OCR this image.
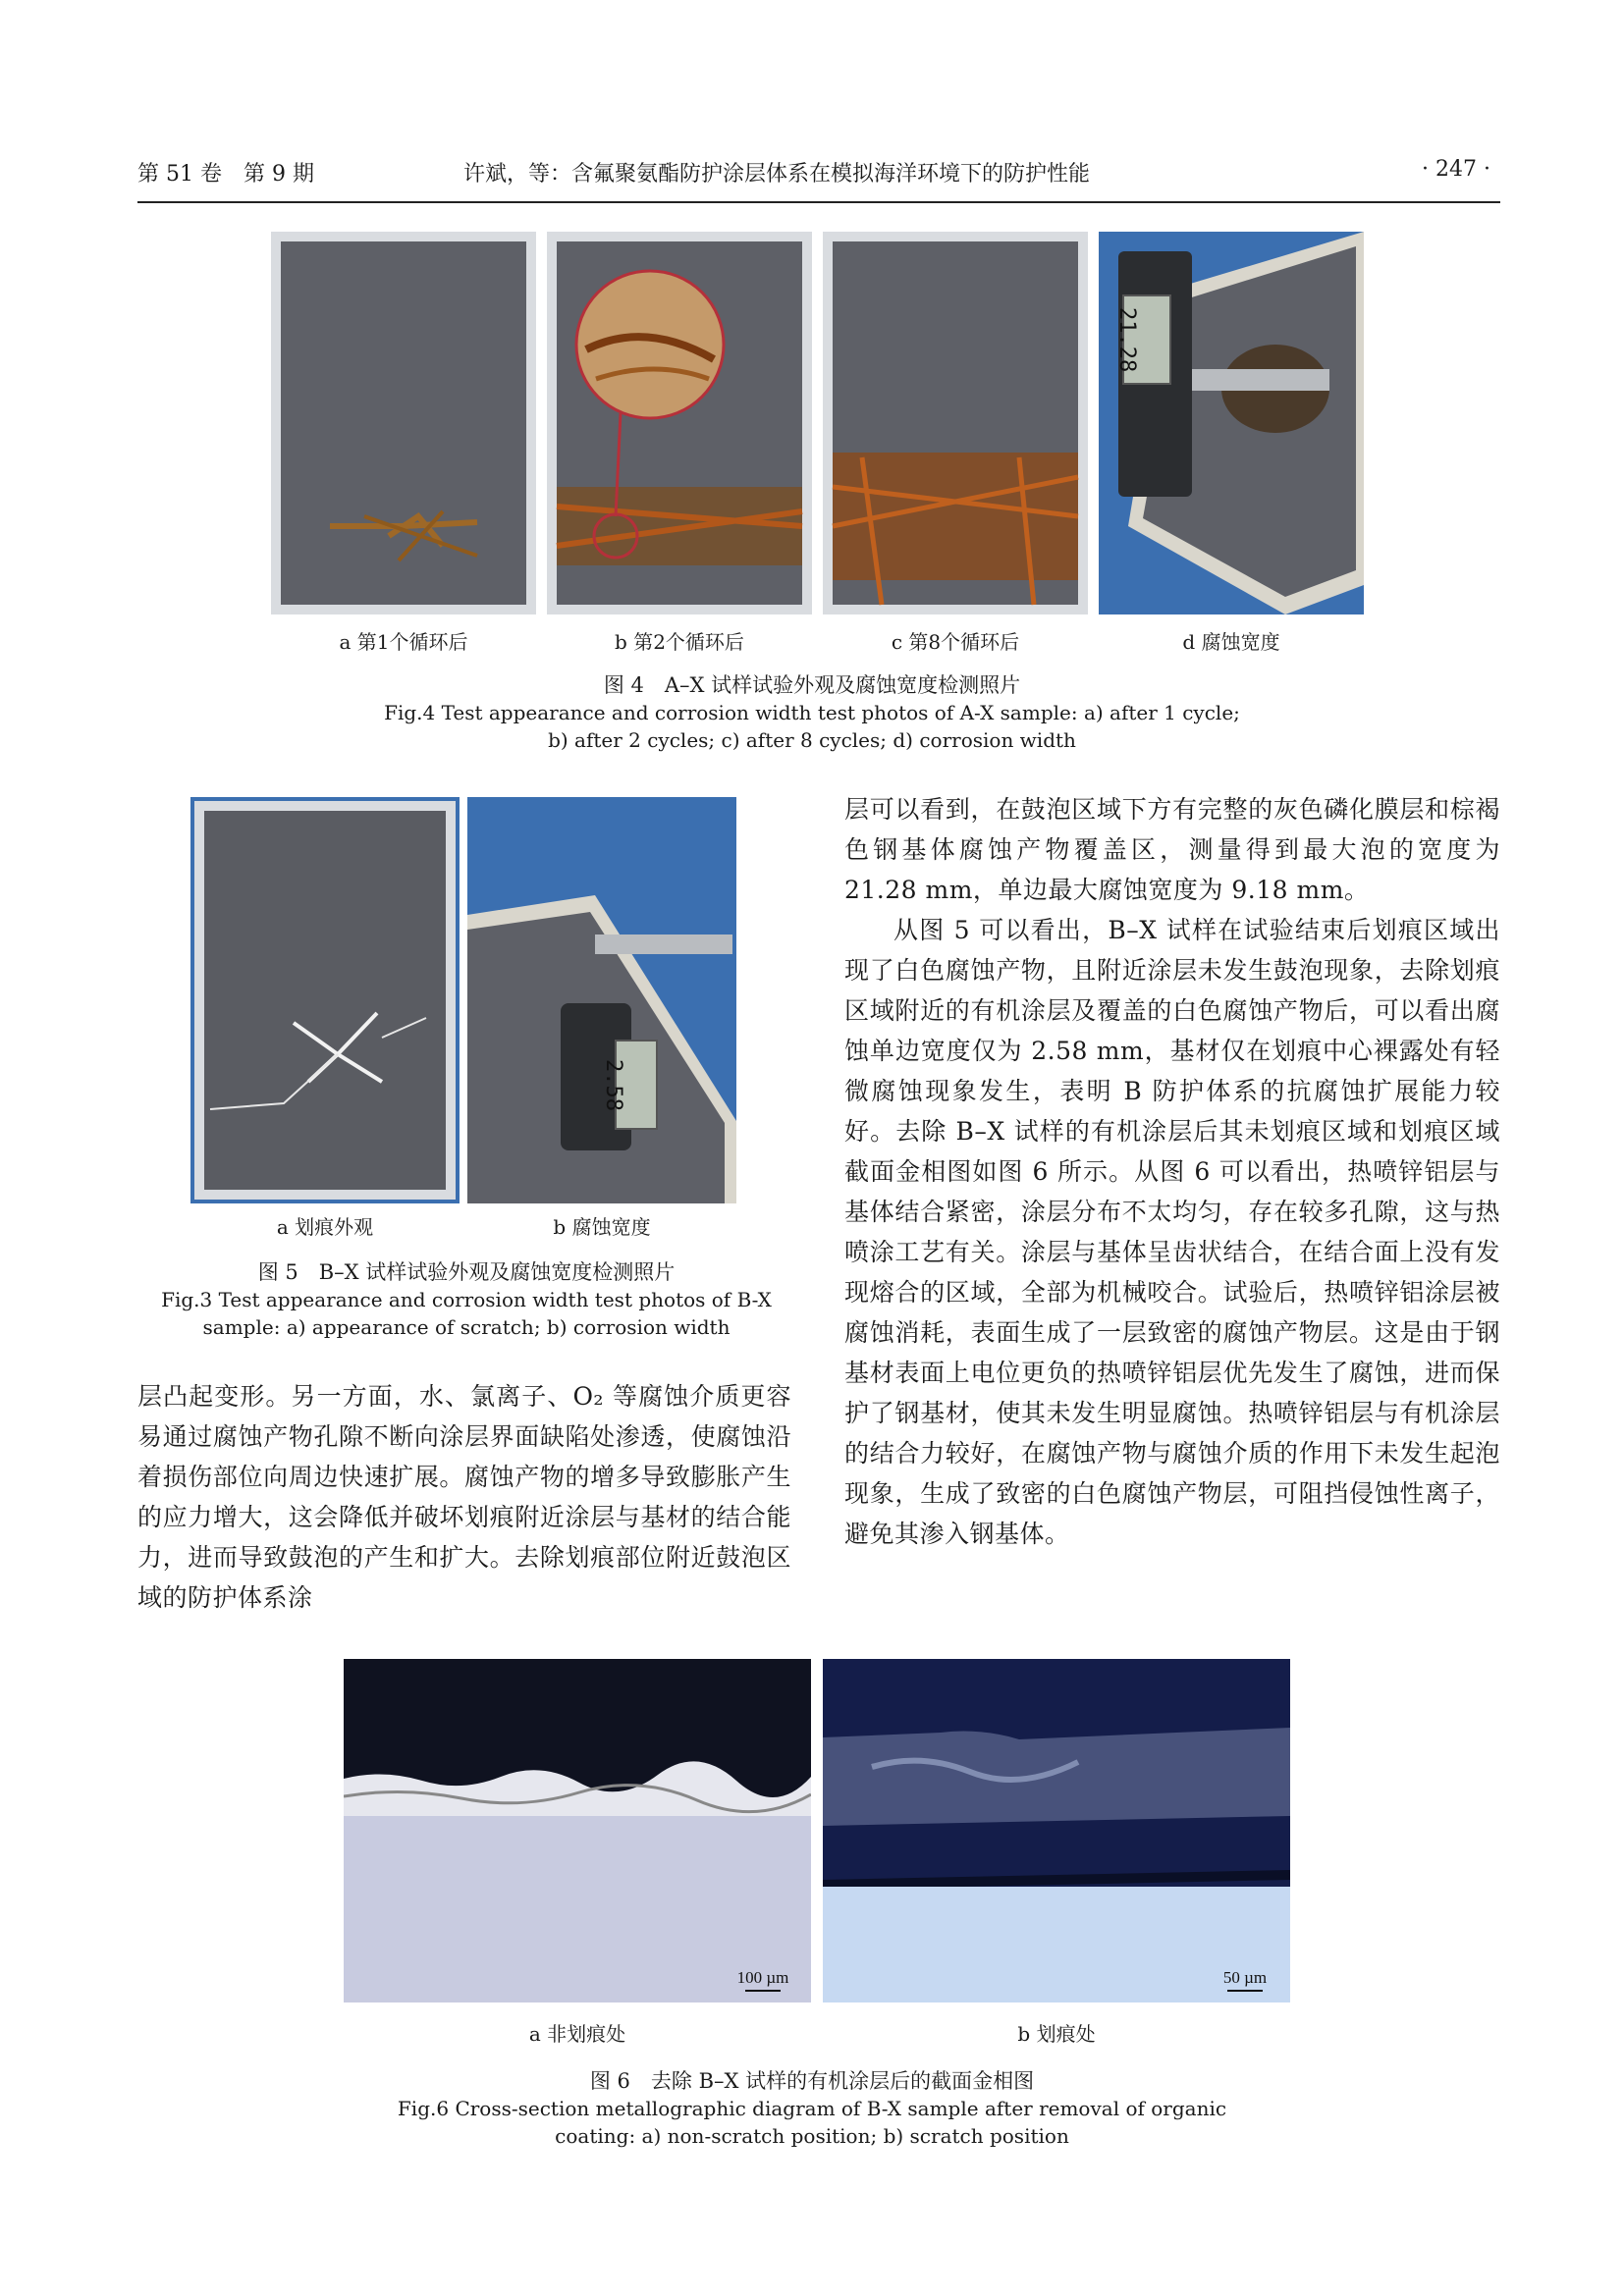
第 51 卷　第 9 期	许斌，等：含氟聚氨酯防护涂层体系在模拟海洋环境下的防护性能	· 247 ·
21.28
a 第1个循环后	b 第2个循环后	c 第8个循环后	d 腐蚀宽度
图 4　A–X 试样试验外观及腐蚀宽度检测照片
Fig.4 Test appearance and corrosion width test photos of A-X sample: a) after 1 cycle;
b) after 2 cycles; c) after 8 cycles; d) corrosion width
a 划痕外观	b 腐蚀宽度
图 5　B–X 试样试验外观及腐蚀宽度检测照片
Fig.3 Test appearance and corrosion width test photos of B-X
sample: a) appearance of scratch; b) corrosion width

层凸起变形。另一方面，水、氯离子、O₂ 等腐蚀介质更容易通过腐蚀产物孔隙不断向涂层界面缺陷处渗透，使腐蚀沿着损伤部位向周边快速扩展。腐蚀产物的增多导致膨胀产生的应力增大，这会降低并破坏划痕附近涂层与基材的结合能力，进而导致鼓泡的产生和扩大。去除划痕部位附近鼓泡区域的防护体系涂

层可以看到，在鼓泡区域下方有完整的灰色磷化膜层和棕褐色钢基体腐蚀产物覆盖区，测量得到最大泡的宽度为 21.28 mm，单边最大腐蚀宽度为 9.18 mm。

从图 5 可以看出，B–X 试样在试验结束后划痕区域出现了白色腐蚀产物，且附近涂层未发生鼓泡现象，去除划痕区域附近的有机涂层及覆盖的白色腐蚀产物后，可以看出腐蚀单边宽度仅为 2.58 mm，基材仅在划痕中心裸露处有轻微腐蚀现象发生，表明 B 防护体系的抗腐蚀扩展能力较好。去除 B–X 试样的有机涂层后其未划痕区域和划痕区域截面金相图如图 6 所示。从图 6 可以看出，热喷锌铝层与基体结合紧密，涂层分布不太均匀，存在较多孔隙，这与热喷涂工艺有关。涂层与基体呈齿状结合，在结合面上没有发现熔合的区域，全部为机械咬合。试验后，热喷锌铝涂层被腐蚀消耗，表面生成了一层致密的腐蚀产物层。这是由于钢基材表面上电位更负的热喷锌铝层优先发生了腐蚀，进而保护了钢基材，使其未发生明显腐蚀。热喷锌铝层与有机涂层的结合力较好，在腐蚀产物与腐蚀介质的作用下未发生起泡现象，生成了致密的白色腐蚀产物层，可阻挡侵蚀性离子，避免其渗入钢基体。

100 µm	50 µm
a 非划痕处	b 划痕处
图 6　去除 B–X 试样的有机涂层后的截面金相图
Fig.6 Cross-section metallographic diagram of B-X sample after removal of organic
coating: a) non-scratch position; b) scratch position
